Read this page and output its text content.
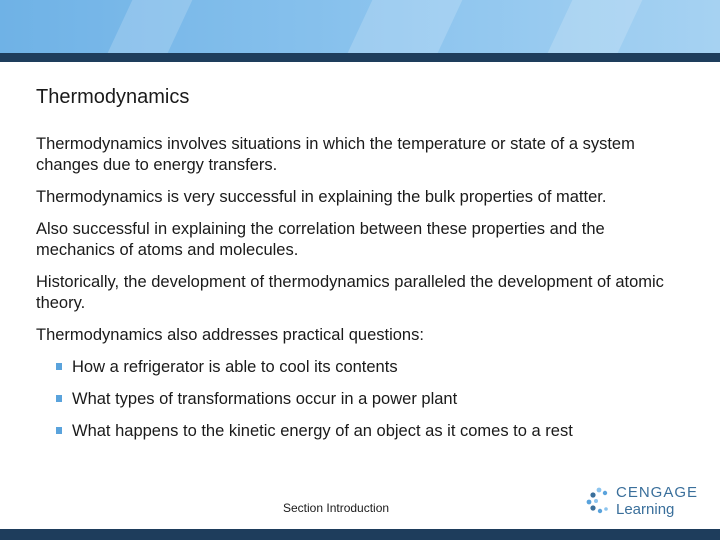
Thermodynamics

Thermodynamics involves situations in which the temperature or state of a system changes due to energy transfers.

Thermodynamics is very successful in explaining the bulk properties of matter.

Also successful in explaining the correlation between these properties and the mechanics of atoms and molecules.

Historically, the development of thermodynamics paralleled the development of atomic theory.

Thermodynamics also addresses practical questions:

How a refrigerator is able to cool its contents
What types of transformations occur in a power plant
What happens to the kinetic energy of an object as it comes to a rest
Section Introduction
CENGAGE
Learning
